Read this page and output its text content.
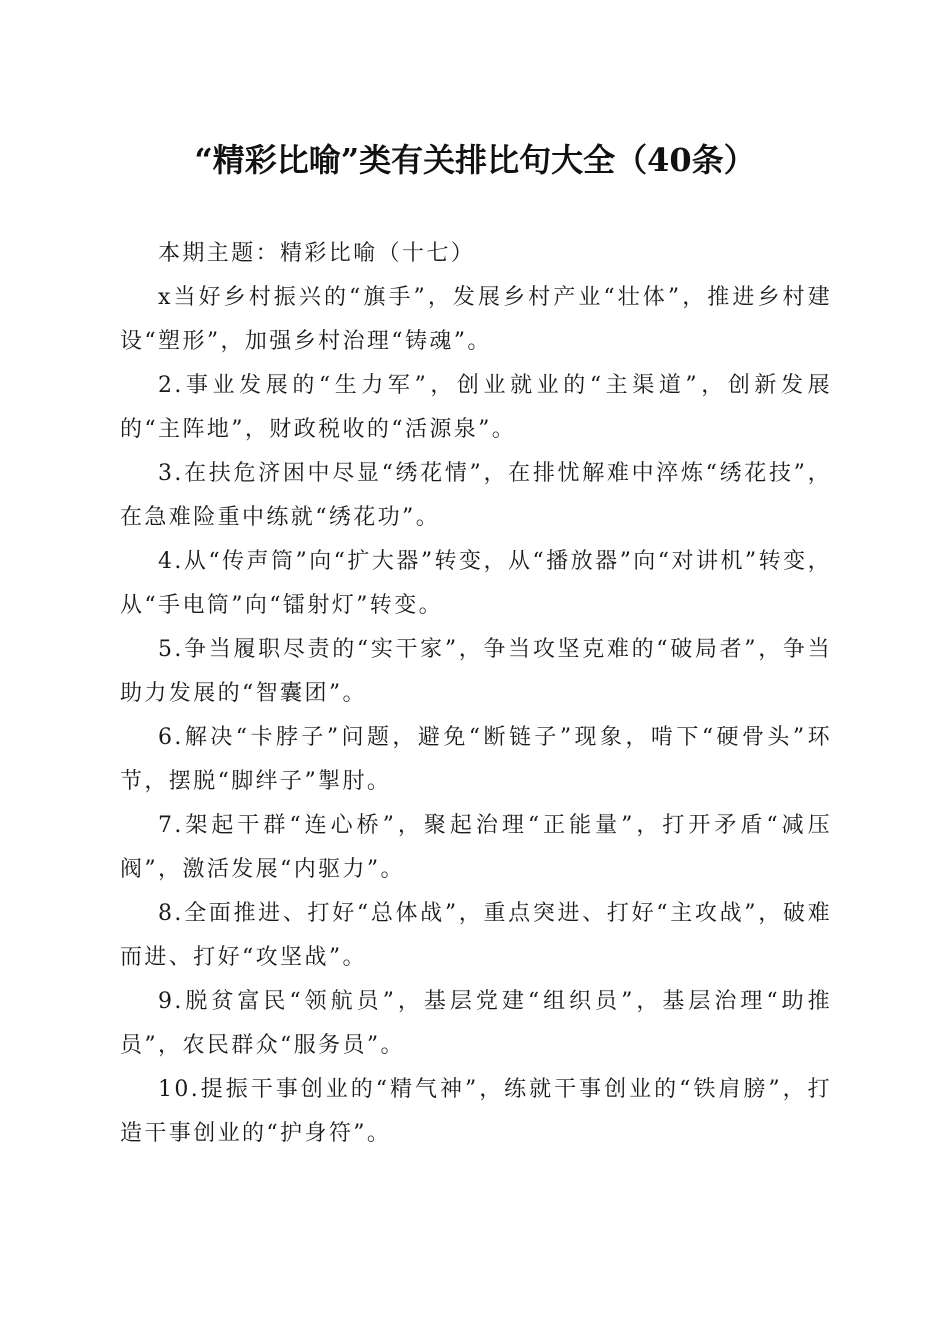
“精彩比喻”类有关排比句大全（40条）

本期主题：精彩比喻（十七）

x当好乡村振兴的“旗手”，发展乡村产业“壮体”，推进乡村建设“塑形”，加强乡村治理“铸魂”。

2.事业发展的“生力军”，创业就业的“主渠道”，创新发展的“主阵地”，财政税收的“活源泉”。

3.在扶危济困中尽显“绣花情”，在排忧解难中淬炼“绣花技”，在急难险重中练就“绣花功”。

4.从“传声筒”向“扩大器”转变，从“播放器”向“对讲机”转变，从“手电筒”向“镭射灯”转变。

5.争当履职尽责的“实干家”，争当攻坚克难的“破局者”，争当助力发展的“智囊团”。

6.解决“卡脖子”问题，避免“断链子”现象，啃下“硬骨头”环节，摆脱“脚绊子”掣肘。

7.架起干群“连心桥”，聚起治理“正能量”，打开矛盾“减压阀”，激活发展“内驱力”。

8.全面推进、打好“总体战”，重点突进、打好“主攻战”，破难而进、打好“攻坚战”。

9.脱贫富民“领航员”，基层党建“组织员”，基层治理“助推员”，农民群众“服务员”。

10.提振干事创业的“精气神”，练就干事创业的“铁肩膀”，打造干事创业的“护身符”。
